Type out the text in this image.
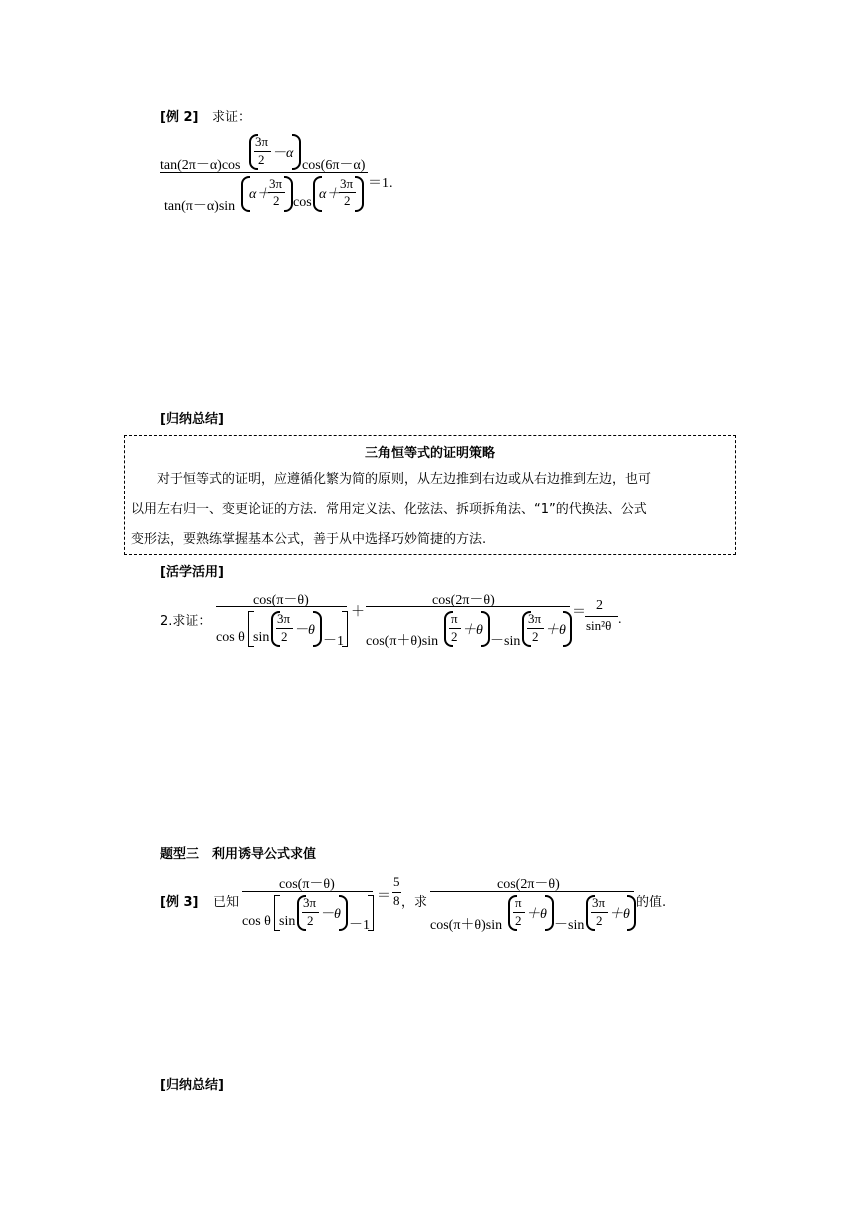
[例 2] 求证：
tan(2π－α)cos
3π
2 －α
cos(6π－α)
tan(π－α)sin
α＋
3π
2 cos
α＋
3π
2
＝1.
[归纳总结]
三角恒等式的证明策略
对于恒等式的证明，应遵循化繁为简的原则，从左边推到右边或从右边推到左边，也可
以用左右归一、变更论证的方法．常用定义法、化弦法、拆项拆角法、“1”的代换法、公式
变形法，要熟练掌握基本公式，善于从中选择巧妙简捷的方法.
[活学活用]
2.求证：
cos(π－θ)
cos θ sin
3π
2 －θ
－1
＋
cos(2π－θ)
cos(π＋θ)sin
π
2 ＋θ
－sin
3π
2 ＋θ
＝ 2
sin²θ .
题型三　利用诱导公式求值
[例 3] 已知
cos(π－θ)
cos θ sin
3π
2 －θ
－1
＝
5
8 ，求
cos(2π－θ)
cos(π＋θ)sin
π
2 ＋θ
－sin
3π
2 ＋θ
的值.
[归纳总结]
